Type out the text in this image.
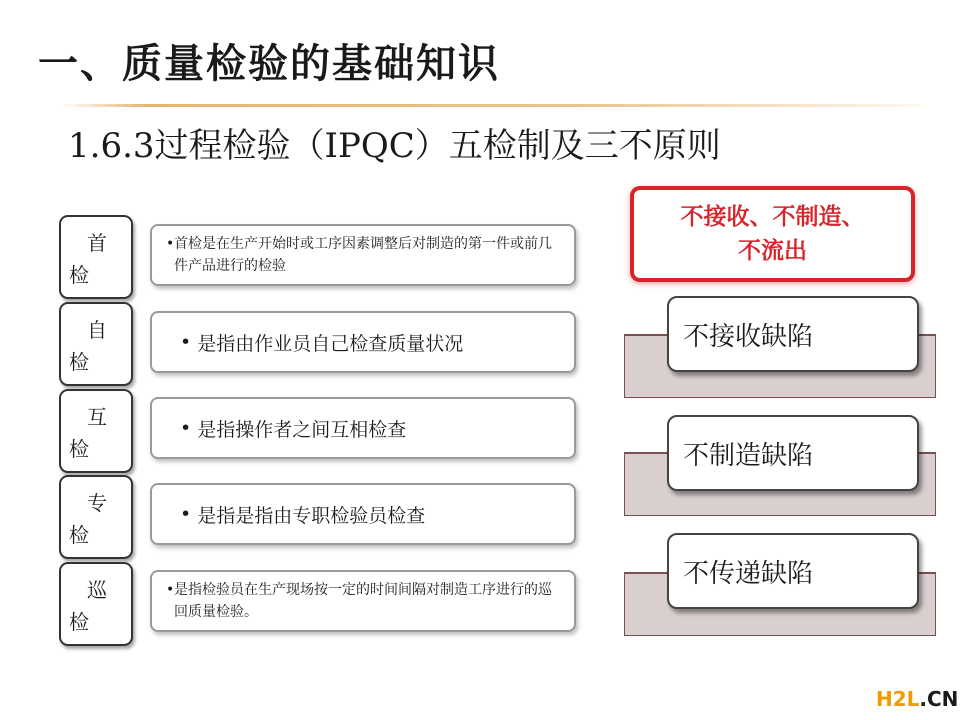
一、质量检验的基础知识
1.6.3过程检验（IPQC）五检制及三不原则
首
检
• 首检是在生产开始时或工序因素调整后对制造的第一件或前几件产品进行的检验
自
检
• 是指由作业员自己检查质量状况
互
检
• 是指操作者之间互相检查
专
检
• 是指是指由专职检验员检查
巡
检
• 是指检验员在生产现场按一定的时间间隔对制造工序进行的巡回质量检验。
不接收、不制造、
不流出
不接收缺陷
不制造缺陷
不传递缺陷
H2L.CN
